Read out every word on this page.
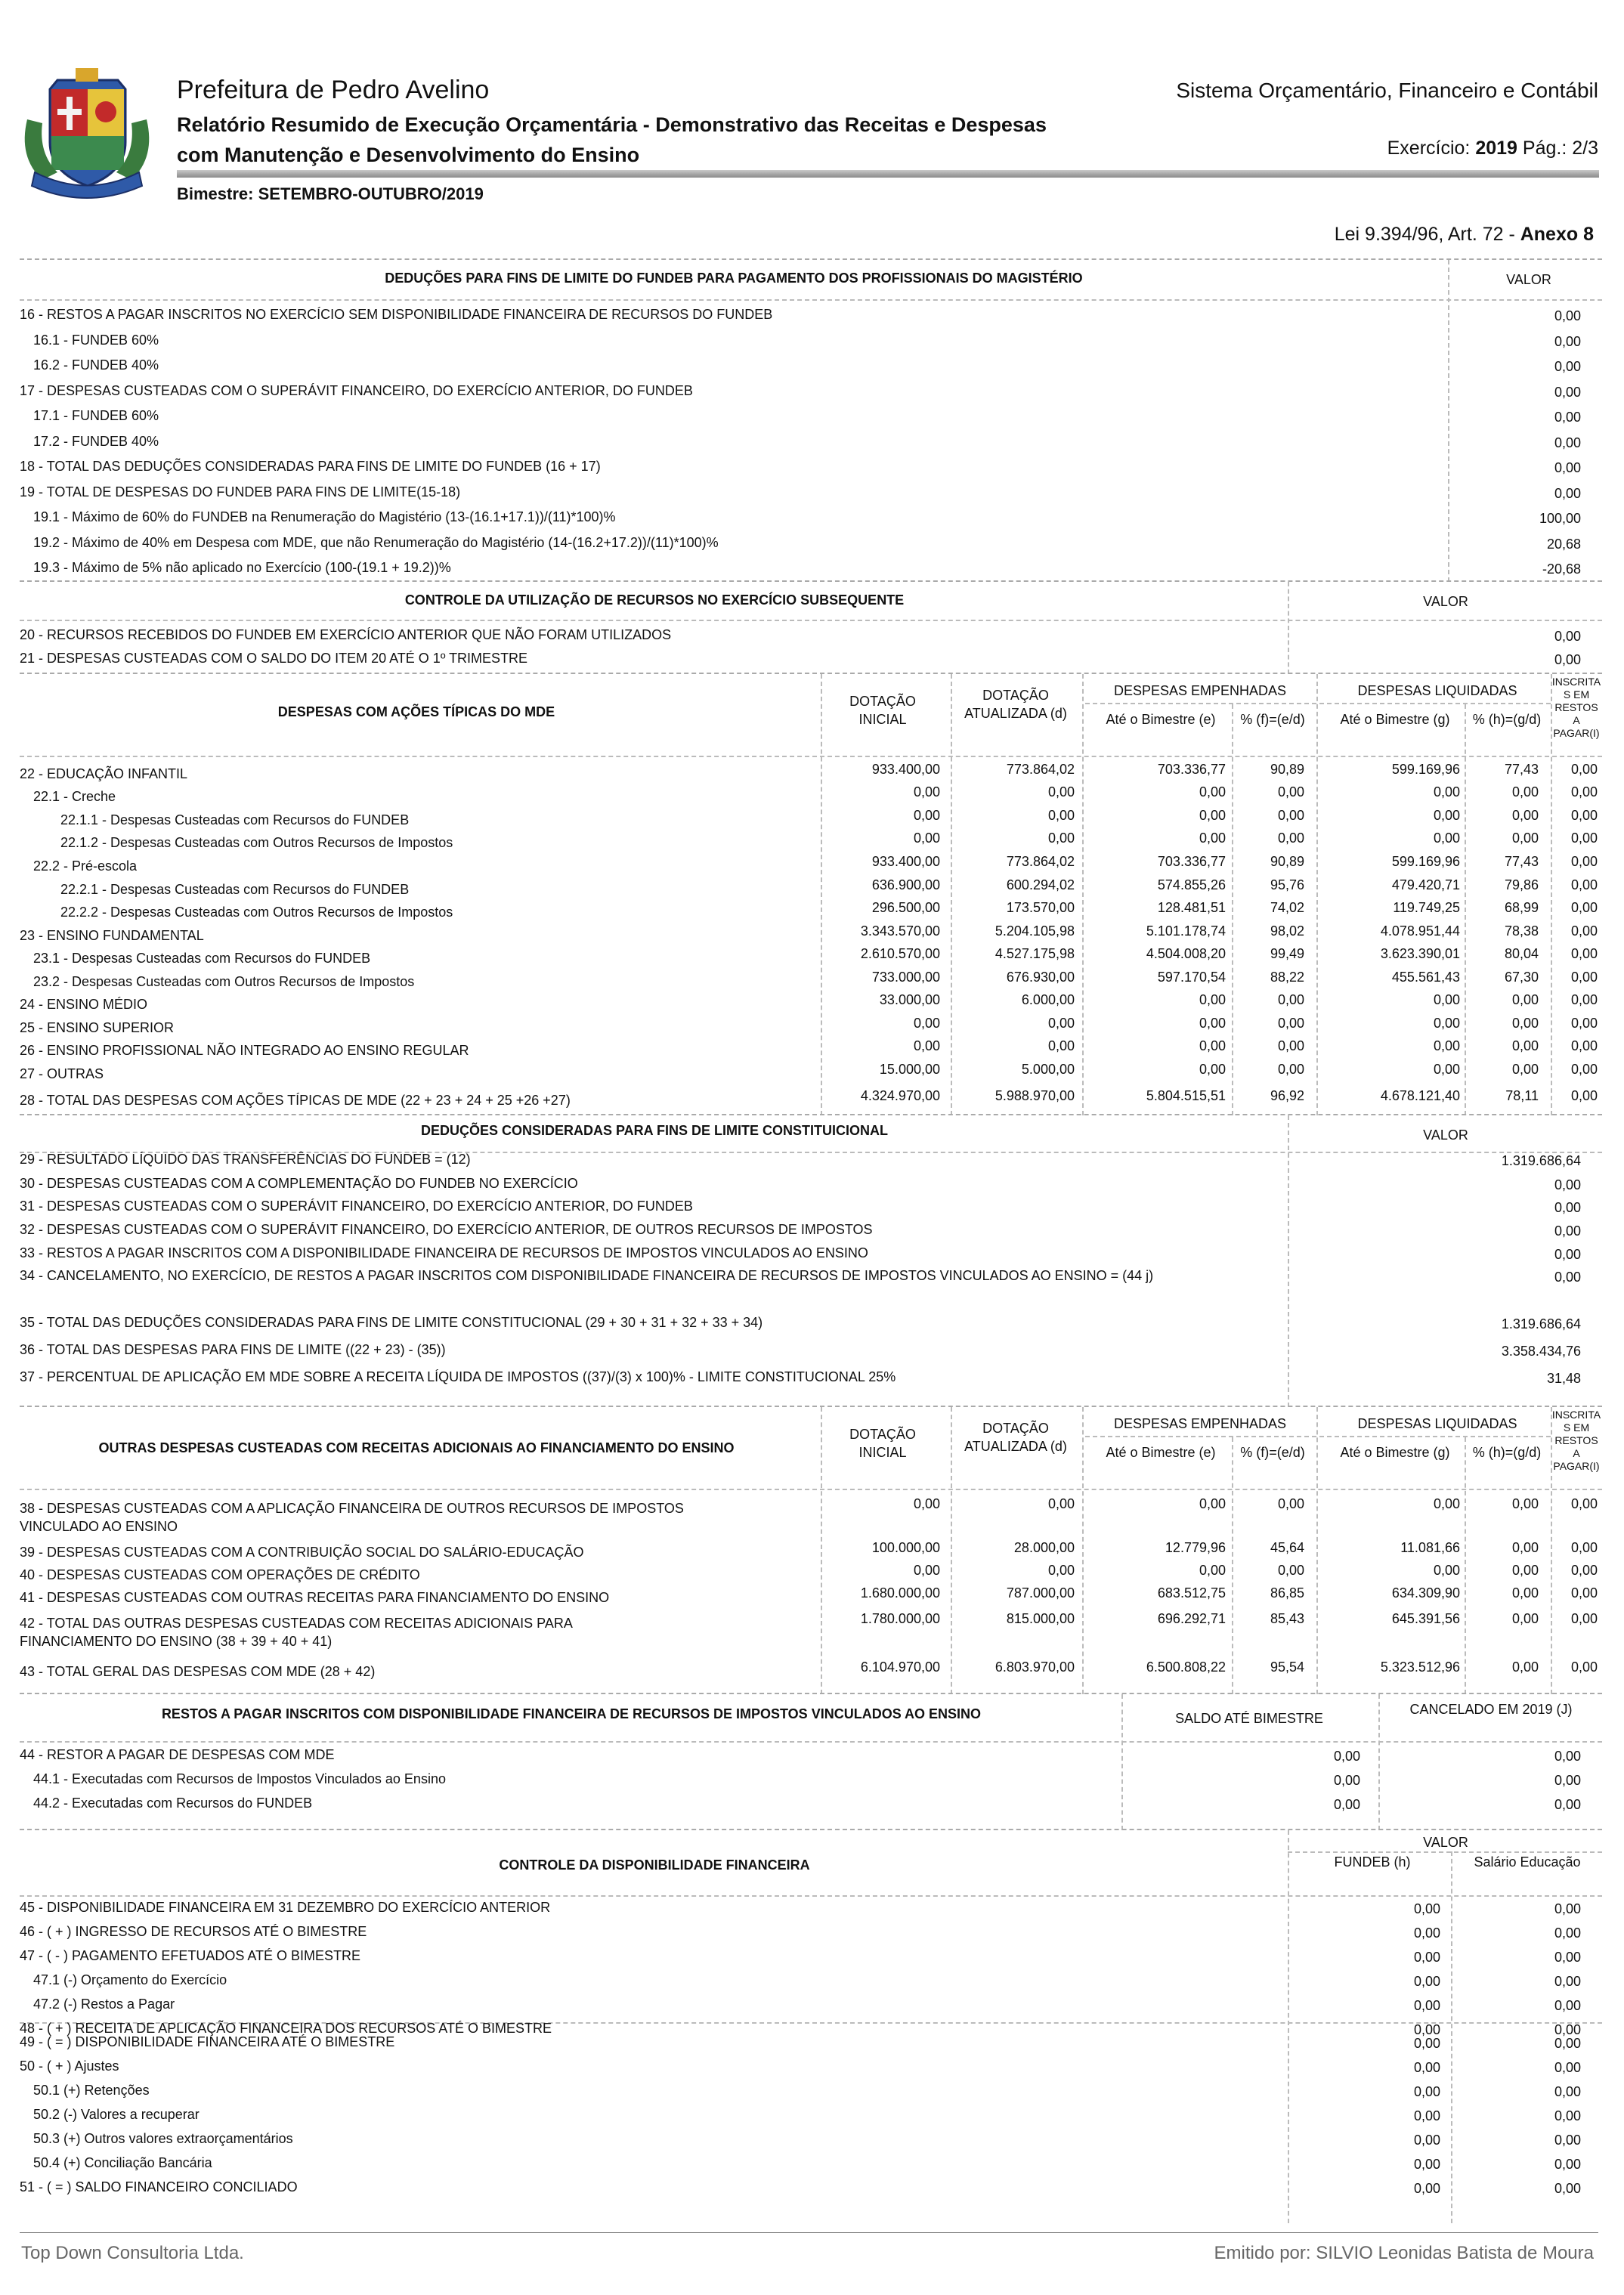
Prefeitura de Pedro Avelino
Relatório Resumido de Execução Orçamentária - Demonstrativo das Receitas e Despesas
com Manutenção e Desenvolvimento do Ensino
Sistema Orçamentário, Financeiro e Contábil
Exercício: 2019 Pág.: 2/3
Bimestre: SETEMBRO-OUTUBRO/2019
Lei 9.394/96, Art. 72 - Anexo 8
DEDUÇÕES PARA FINS DE LIMITE DO FUNDEB PARA PAGAMENTO DOS PROFISSIONAIS DO MAGISTÉRIO	VALOR
16 - RESTOS A PAGAR INSCRITOS NO EXERCÍCIO SEM DISPONIBILIDADE FINANCEIRA DE RECURSOS DO FUNDEB	0,00
16.1 - FUNDEB 60%	0,00
16.2 - FUNDEB 40%	0,00
17 - DESPESAS CUSTEADAS COM O SUPERÁVIT FINANCEIRO, DO EXERCÍCIO ANTERIOR, DO FUNDEB	0,00
17.1 - FUNDEB 60%	0,00
17.2 - FUNDEB 40%	0,00
18 - TOTAL DAS DEDUÇÕES CONSIDERADAS PARA FINS DE LIMITE DO FUNDEB (16 + 17)	0,00
19 - TOTAL DE DESPESAS DO FUNDEB PARA FINS DE LIMITE(15-18)	0,00
19.1 - Máximo de 60% do FUNDEB na Renumeração do Magistério (13-(16.1+17.1))/(11)*100)%	100,00
19.2 - Máximo de 40% em Despesa com MDE, que não Renumeração do Magistério (14-(16.2+17.2))/(11)*100)%	20,68
19.3 - Máximo de 5% não aplicado no Exercício (100-(19.1 + 19.2))%	-20,68
CONTROLE DA UTILIZAÇÃO DE RECURSOS NO EXERCÍCIO SUBSEQUENTE	VALOR
20 - RECURSOS RECEBIDOS DO FUNDEB EM EXERCÍCIO ANTERIOR QUE NÃO FORAM UTILIZADOS	0,00
21 - DESPESAS CUSTEADAS COM O SALDO DO ITEM 20 ATÉ O 1º TRIMESTRE	0,00
DESPESAS COM AÇÕES TÍPICAS DO MDE
DOTAÇÃO INICIAL
DOTAÇÃO ATUALIZADA (d)
DESPESAS EMPENHADAS	DESPESAS LIQUIDADAS
Até o Bimestre (e)	% (f)=(e/d)	Até o Bimestre (g)	% (h)=(g/d)
INSCRITA S EM RESTOS A PAGAR(I)
22 - EDUCAÇÃO INFANTIL	933.400,00	773.864,02	703.336,77	90,89	599.169,96	77,43 0,00
22.1 - Creche	0,00	0,00	0,00	0,00	0,00	0,00 0,00
22.1.1 - Despesas Custeadas com Recursos do FUNDEB	0,00	0,00	0,00	0,00	0,00	0,00 0,00
22.1.2 - Despesas Custeadas com Outros Recursos de Impostos	0,00	0,00	0,00	0,00	0,00	0,00 0,00
22.2 - Pré-escola	933.400,00	773.864,02	703.336,77	90,89	599.169,96	77,43 0,00
22.2.1 - Despesas Custeadas com Recursos do FUNDEB	636.900,00	600.294,02	574.855,26	95,76	479.420,71	79,86 0,00
22.2.2 - Despesas Custeadas com Outros Recursos de Impostos	296.500,00	173.570,00	128.481,51	74,02	119.749,25	68,99 0,00
23 - ENSINO FUNDAMENTAL	3.343.570,00	5.204.105,98	5.101.178,74	98,02	4.078.951,44	78,38 0,00
23.1 - Despesas Custeadas com Recursos do FUNDEB	2.610.570,00	4.527.175,98	4.504.008,20	99,49	3.623.390,01	80,04 0,00
23.2 - Despesas Custeadas com Outros Recursos de Impostos	733.000,00	676.930,00	597.170,54	88,22	455.561,43	67,30 0,00
24 - ENSINO MÉDIO	33.000,00	6.000,00	0,00	0,00	0,00	0,00 0,00
25 - ENSINO SUPERIOR	0,00	0,00	0,00	0,00	0,00	0,00 0,00
26 - ENSINO PROFISSIONAL NÃO INTEGRADO AO ENSINO REGULAR	0,00	0,00	0,00	0,00	0,00	0,00 0,00
27 - OUTRAS	15.000,00	5.000,00	0,00	0,00	0,00	0,00 0,00
28 - TOTAL DAS DESPESAS COM AÇÕES TÍPICAS DE MDE (22 + 23 + 24 + 25 +26 +27)	4.324.970,00	5.988.970,00	5.804.515,51	96,92	4.678.121,40	78,11 0,00
DEDUÇÕES CONSIDERADAS PARA FINS DE LIMITE CONSTITUICIONAL	VALOR
29 - RESULTADO LÍQUIDO DAS TRANSFERÊNCIAS DO FUNDEB = (12)	1.319.686,64
30 - DESPESAS CUSTEADAS COM A COMPLEMENTAÇÃO DO FUNDEB NO EXERCÍCIO	0,00
31 - DESPESAS CUSTEADAS COM O SUPERÁVIT FINANCEIRO, DO EXERCÍCIO ANTERIOR, DO FUNDEB	0,00
32 - DESPESAS CUSTEADAS COM O SUPERÁVIT FINANCEIRO, DO EXERCÍCIO ANTERIOR, DE OUTROS RECURSOS DE IMPOSTOS	0,00
33 - RESTOS A PAGAR INSCRITOS COM A DISPONIBILIDADE FINANCEIRA DE RECURSOS DE IMPOSTOS VINCULADOS AO ENSINO	0,00
34 - CANCELAMENTO, NO EXERCÍCIO, DE RESTOS A PAGAR INSCRITOS COM DISPONIBILIDADE FINANCEIRA DE RECURSOS DE IMPOSTOS VINCULADOS AO ENSINO = (44 j)	0,00
35 - TOTAL DAS DEDUÇÕES CONSIDERADAS PARA FINS DE LIMITE CONSTITUCIONAL (29 + 30 + 31 + 32 + 33 + 34)	1.319.686,64
36 - TOTAL DAS DESPESAS PARA FINS DE LIMITE ((22 + 23) - (35))	3.358.434,76
37 - PERCENTUAL DE APLICAÇÃO EM MDE SOBRE A RECEITA LÍQUIDA DE IMPOSTOS ((37)/(3) x 100)% - LIMITE CONSTITUCIONAL 25%	31,48
OUTRAS DESPESAS CUSTEADAS COM RECEITAS ADICIONAIS AO FINANCIAMENTO DO ENSINO
DOTAÇÃO INICIAL
DOTAÇÃO ATUALIZADA (d)
DESPESAS EMPENHADAS	DESPESAS LIQUIDADAS
Até o Bimestre (e)	% (f)=(e/d)	Até o Bimestre (g)	% (h)=(g/d)
INSCRITA S EM RESTOS A PAGAR(I)
38 - DESPESAS CUSTEADAS COM A APLICAÇÃO FINANCEIRA DE OUTROS RECURSOS DE IMPOSTOS VINCULADO AO ENSINO
0,00	0,00	0,00	0,00	0,00	0,00 0,00
39 - DESPESAS CUSTEADAS COM A CONTRIBUIÇÃO SOCIAL DO SALÁRIO-EDUCAÇÃO	100.000,00	28.000,00	12.779,96	45,64	11.081,66	0,00 0,00
40 - DESPESAS CUSTEADAS COM OPERAÇÕES DE CRÉDITO	0,00	0,00	0,00	0,00	0,00	0,00 0,00
41 - DESPESAS CUSTEADAS COM OUTRAS RECEITAS PARA FINANCIAMENTO DO ENSINO	1.680.000,00	787.000,00	683.512,75	86,85	634.309,90	0,00 0,00
42 - TOTAL DAS OUTRAS DESPESAS CUSTEADAS COM RECEITAS ADICIONAIS PARA FINANCIAMENTO DO ENSINO (38 + 39 + 40 + 41)
1.780.000,00	815.000,00	696.292,71	85,43	645.391,56	0,00 0,00
43 - TOTAL GERAL DAS DESPESAS COM MDE (28 + 42)	6.104.970,00	6.803.970,00	6.500.808,22	95,54	5.323.512,96	0,00 0,00
RESTOS A PAGAR INSCRITOS COM DISPONIBILIDADE FINANCEIRA DE RECURSOS DE IMPOSTOS VINCULADOS AO ENSINO	SALDO ATÉ BIMESTRE
CANCELADO EM 2019 (J)
44 - RESTOR A PAGAR DE DESPESAS COM MDE	0,00	0,00
44.1 - Executadas com Recursos de Impostos Vinculados ao Ensino	0,00	0,00
44.2 - Executadas com Recursos do FUNDEB	0,00	0,00
CONTROLE DA DISPONIBILIDADE FINANCEIRA
VALOR
FUNDEB (h)	Salário Educação
45 - DISPONIBILIDADE FINANCEIRA EM 31 DEZEMBRO DO EXERCÍCIO ANTERIOR	0,00	0,00
46 - ( + ) INGRESSO DE RECURSOS ATÉ O BIMESTRE	0,00	0,00
47 - ( - ) PAGAMENTO EFETUADOS ATÉ O BIMESTRE	0,00	0,00
47.1 (-) Orçamento do Exercício	0,00	0,00
47.2 (-) Restos a Pagar	0,00	0,00
48 - ( + ) RECEITA DE APLICAÇÃO FINANCEIRA DOS RECURSOS ATÉ O BIMESTRE	0,00	0,00
49 - ( = ) DISPONIBILIDADE FINANCEIRA ATÉ O BIMESTRE	0,00	0,00
50 - ( + ) Ajustes	0,00	0,00
50.1 (+) Retenções	0,00	0,00
50.2 (-) Valores a recuperar	0,00	0,00
50.3 (+) Outros valores extraorçamentários	0,00	0,00
50.4 (+) Conciliação Bancária	0,00	0,00
51 - ( = ) SALDO FINANCEIRO CONCILIADO	0,00	0,00
Top Down Consultoria Ltda.	Emitido por: SILVIO Leonidas Batista de Moura
